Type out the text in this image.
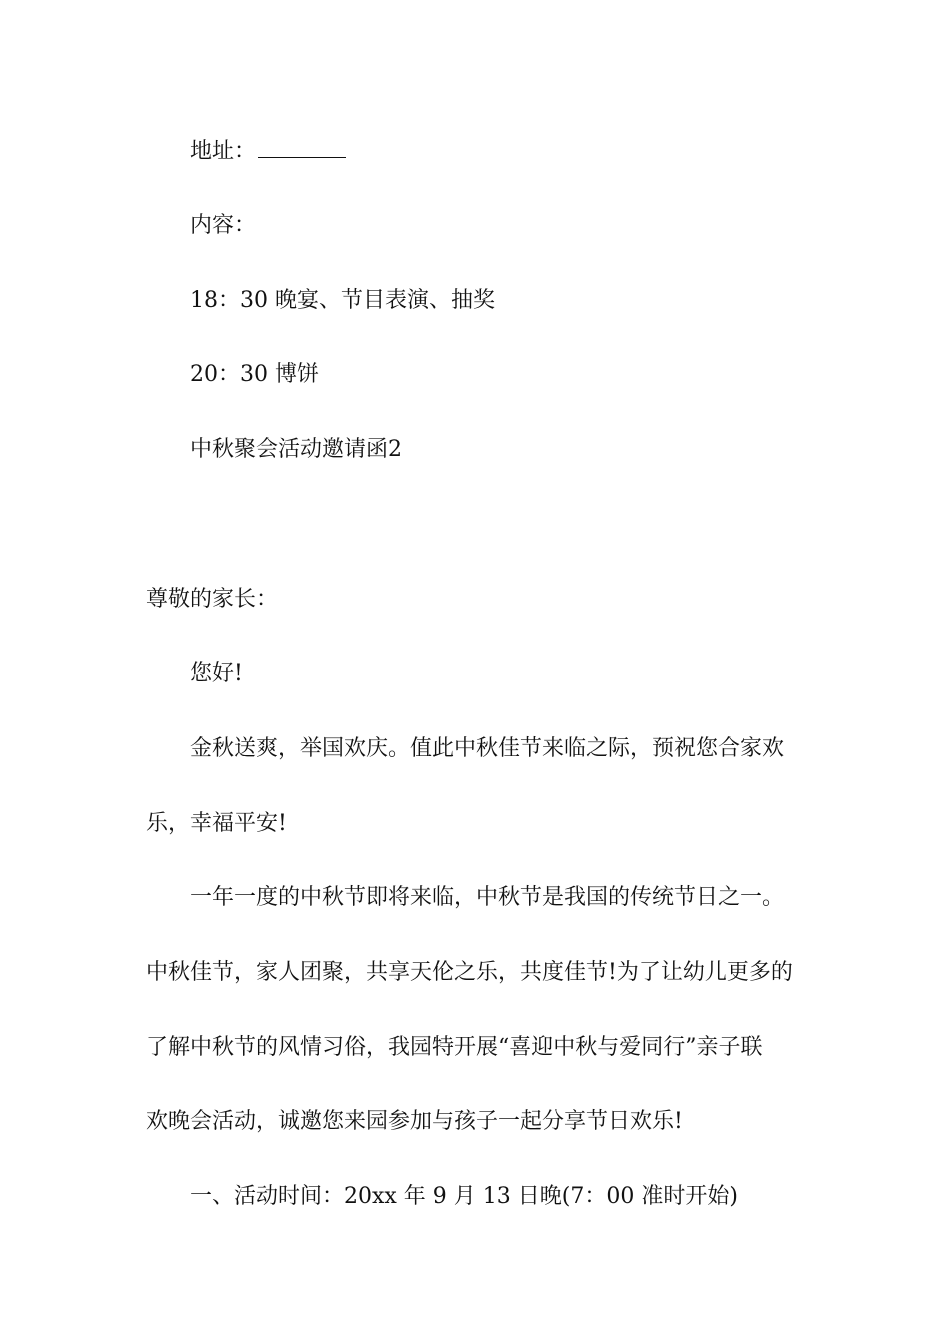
地址：
内容：
18：30 晚宴、节目表演、抽奖
20：30 博饼
中秋聚会活动邀请函2
尊敬的家长：
您好!
金秋送爽，举国欢庆。值此中秋佳节来临之际，预祝您合家欢
乐，幸福平安!
一年一度的中秋节即将来临，中秋节是我国的传统节日之一。
中秋佳节，家人团聚，共享天伦之乐，共度佳节!为了让幼儿更多的
了解中秋节的风情习俗，我园特开展“喜迎中秋与爱同行”亲子联
欢晚会活动，诚邀您来园参加与孩子一起分享节日欢乐!
一、活动时间：20xx 年 9 月 13 日晚(7：00 准时开始)
